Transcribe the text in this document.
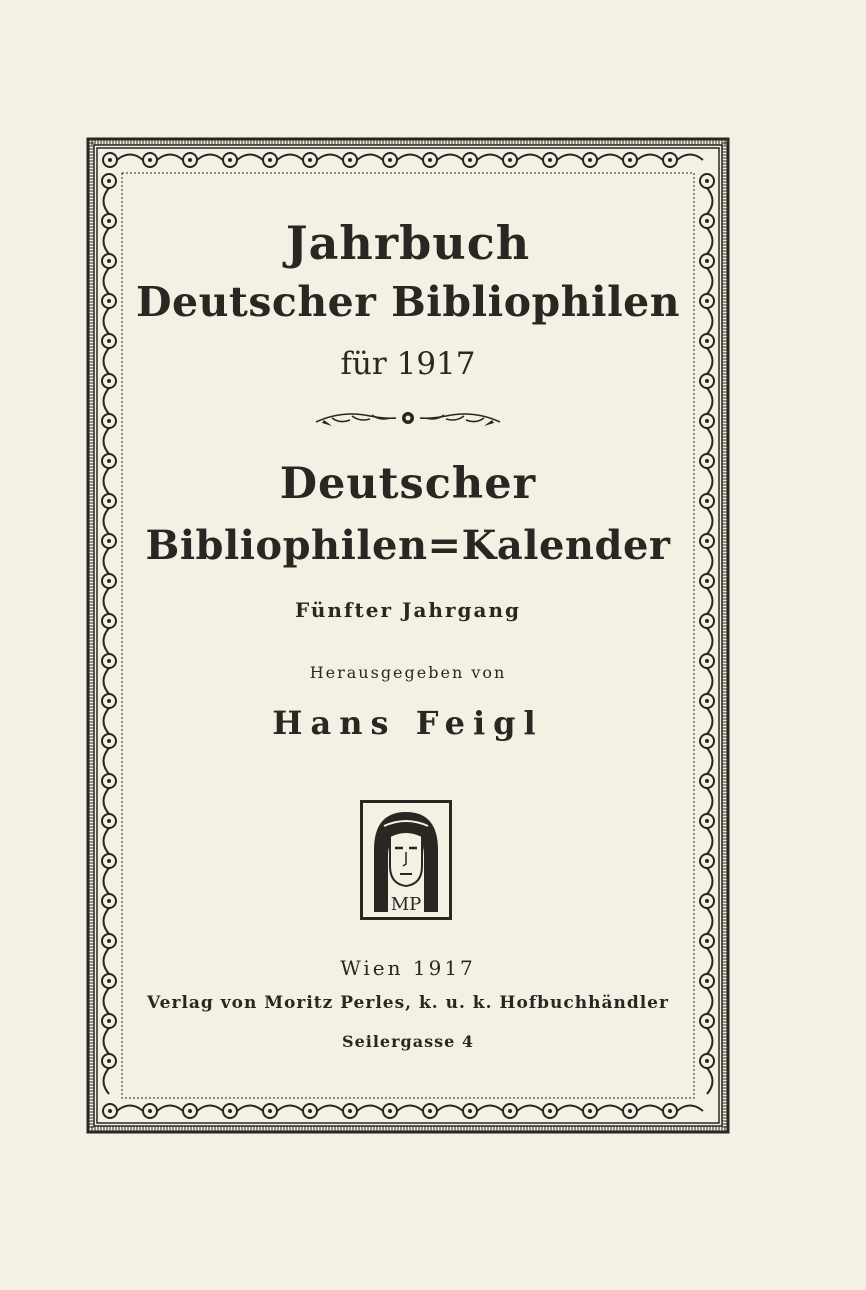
Jahrbuch
Deutscher Bibliophilen
für 1917
Deutscher
Bibliophilen=Kalender
Fünfter Jahrgang
Herausgegeben von
Hans Feigl
MP
Wien 1917
Verlag von Moritz Perles, k. u. k. Hofbuchhändler
Seilergasse 4
